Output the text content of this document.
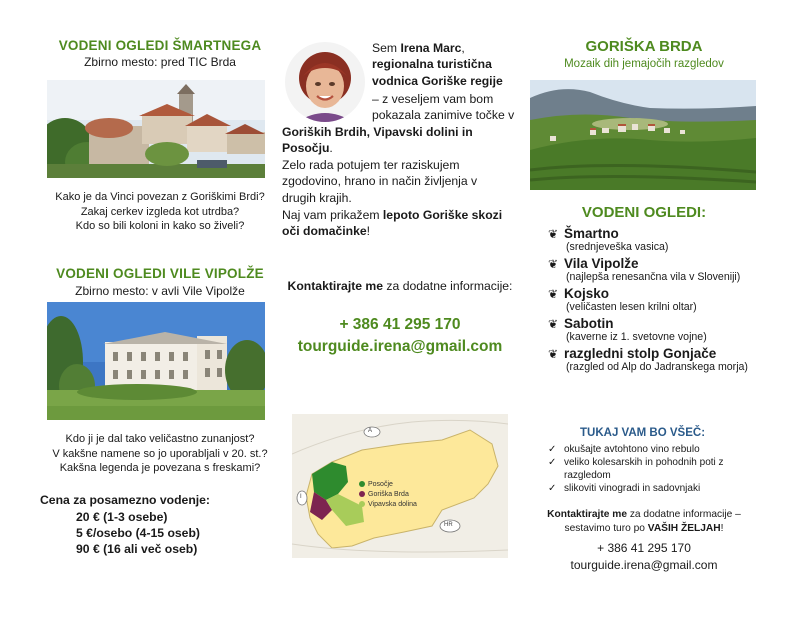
VODENI OGLEDI ŠMARTNEGA
Zbirno mesto: pred TIC Brda
Kako je da Vinci povezan z Goriškimi Brdi?
Zakaj cerkev izgleda kot utrdba?
Kdo so bili koloni in kako so živeli?
VODENI OGLEDI VILE VIPOLŽE
Zbirno mesto: v avli Vile Vipolže
Kdo ji je dal tako veličastno zunanjost?
V kakšne namene so jo uporabljali v 20. st.?
Kakšna legenda je povezana s freskami?
Cena za posamezno vodenje:
20 € (1-3 osebe)
5 €/osebo (4-15 oseb)
90 € (16 ali več oseb)
Sem Irena Marc, regionalna turistična vodnica Goriške regije
– z veseljem vam bom pokazala zanimive točke v
Goriških Brdih, Vipavski dolini in Posočju.
Zelo rada potujem ter raziskujem zgodovino, hrano in način življenja v drugih krajih.
Naj vam prikažem lepoto Goriške skozi oči domačinke!
Kontaktirajte me za dodatne informacije:
+ 386 41 295 170
tourguide.irena@gmail.com
Posočje
Goriška Brda
Vipavska dolina
A
I
HR
GORIŠKA BRDA
Mozaik dih jemajočih razgledov
VODENI OGLEDI:
❦ Šmartno
(srednjeveška vasica)
❦ Vila Vipolže
(najlepša renesančna vila v Sloveniji)
❦ Kojsko
(veličasten lesen krilni oltar)
❦ Sabotin
(kaverne iz 1. svetovne vojne)
❦ razgledni stolp Gonjače
(razgled od Alp do Jadranskega morja)
TUKAJ VAM BO VŠEČ:
✓ okušajte avtohtono vino rebulo
✓ veliko kolesarskih in pohodnih poti z razgledom
✓ slikoviti vinogradi in sadovnjaki
Kontaktirajte me za dodatne informacije –
sestavimo turo po VAŠIH ŽELJAH!
+ 386 41 295 170
tourguide.irena@gmail.com
